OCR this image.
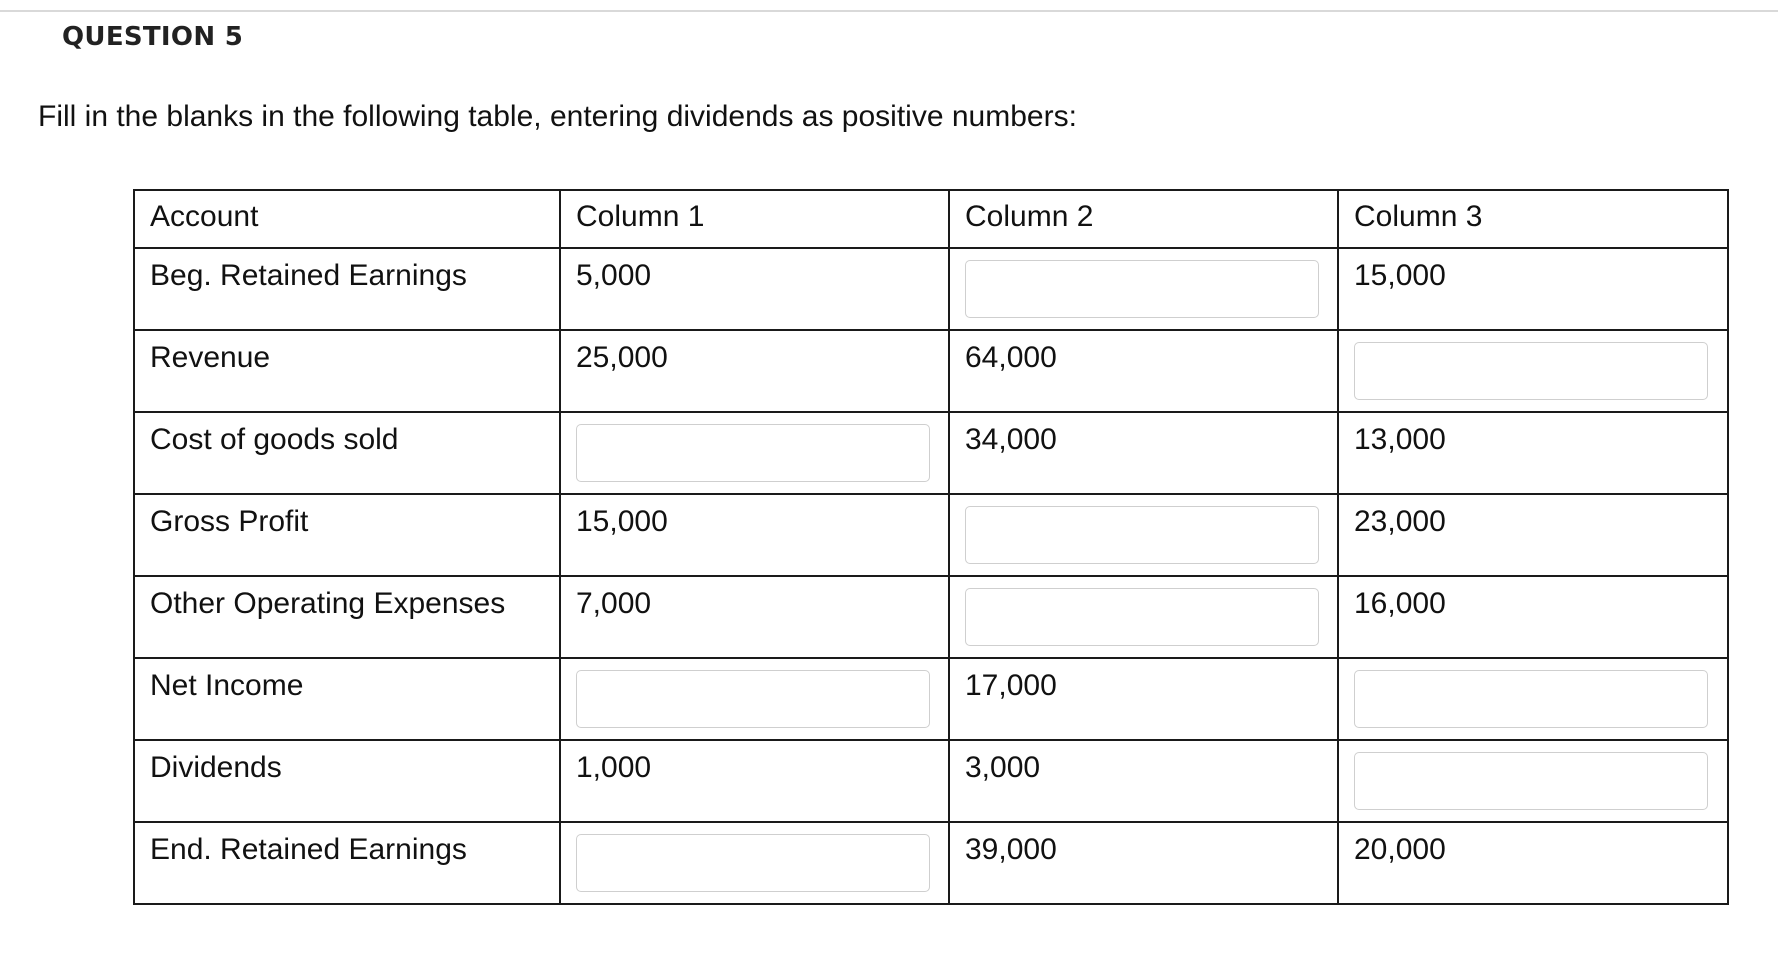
QUESTION 5
Fill in the blanks in the following table, entering dividends as positive numbers:
Account	Column 1	Column 2	Column 3
Beg. Retained Earnings	5,000		15,000
Revenue	25,000	64,000	

Cost of goods sold		34,000	13,000
Gross Profit	15,000		23,000
Other Operating Expenses	7,000		16,000
Net Income		17,000	

Dividends	1,000	3,000	

End. Retained Earnings		39,000	20,000
